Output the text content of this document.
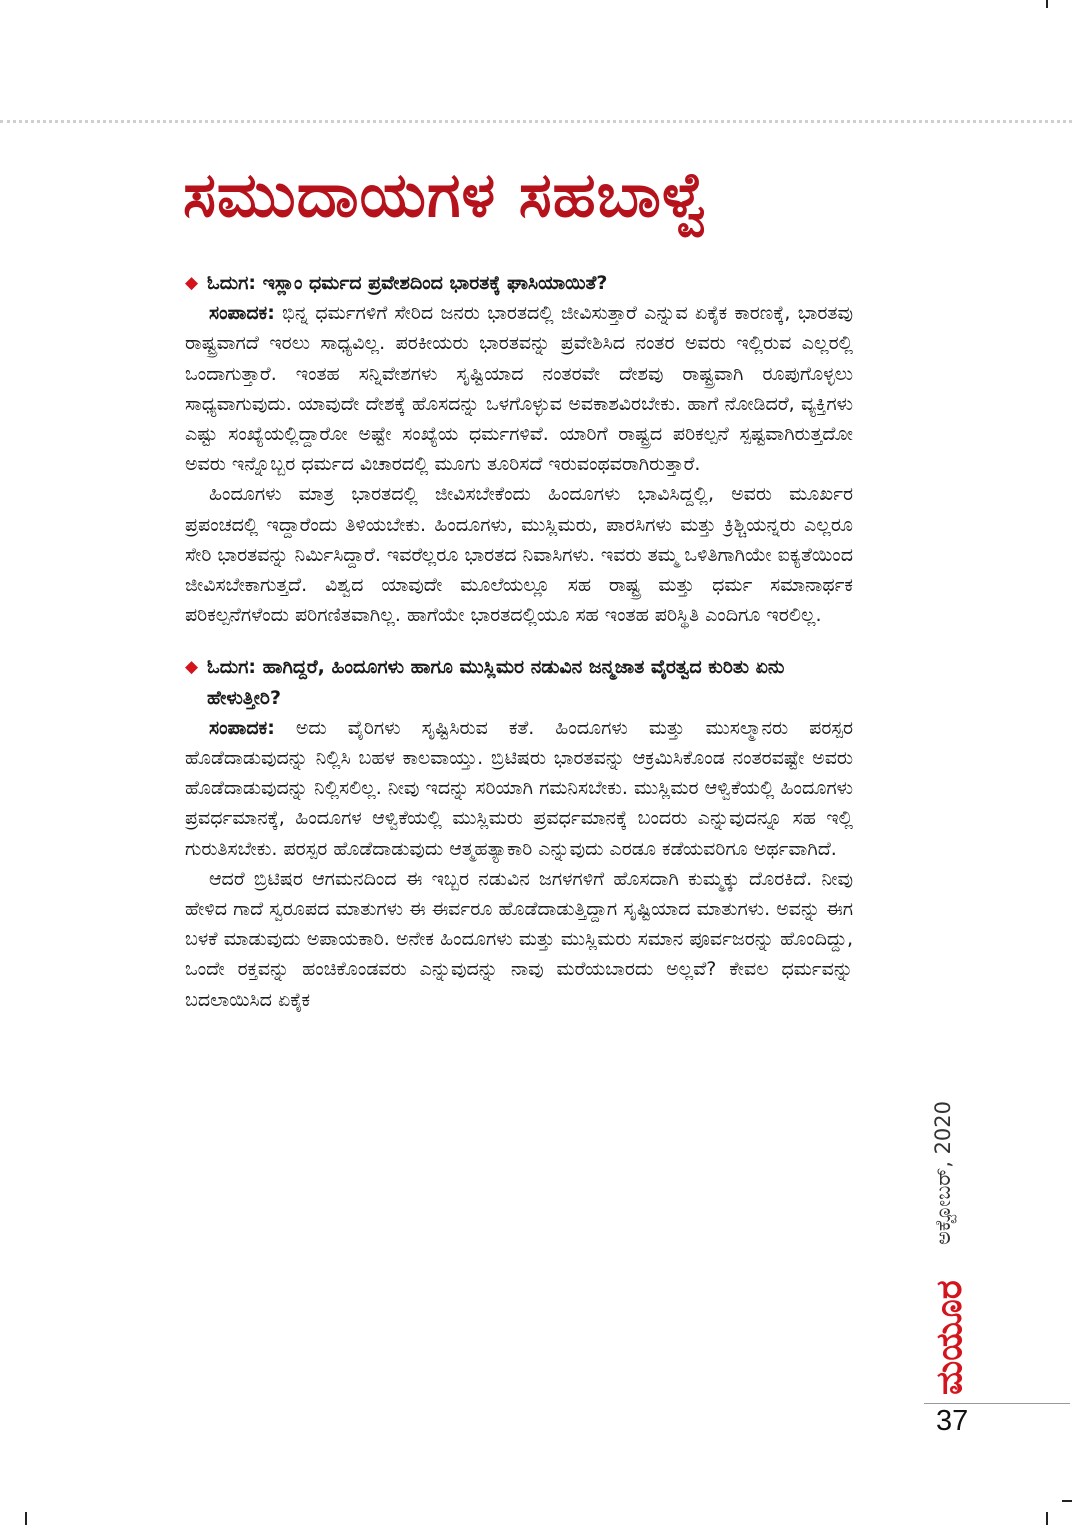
ಸಮುದಾಯಗಳ ಸಹಬಾಳ್ವೆ

◆ ಓದುಗ: ಇಸ್ಲಾಂ ಧರ್ಮದ ಪ್ರವೇಶದಿಂದ ಭಾರತಕ್ಕೆ ಘಾಸಿಯಾಯಿತೆ?

ಸಂಪಾದಕ: ಭಿನ್ನ ಧರ್ಮಗಳಿಗೆ ಸೇರಿದ ಜನರು ಭಾರತದಲ್ಲಿ ಜೀವಿಸುತ್ತಾರೆ ಎನ್ನುವ ಏಕೈಕ ಕಾರಣಕ್ಕೆ, ಭಾರತವು ರಾಷ್ಟ್ರವಾಗದೆ ಇರಲು ಸಾಧ್ಯವಿಲ್ಲ. ಪರಕೀಯರು ಭಾರತವನ್ನು ಪ್ರವೇಶಿಸಿದ ನಂತರ ಅವರು ಇಲ್ಲಿರುವ ಎಲ್ಲರಲ್ಲಿ ಒಂದಾಗುತ್ತಾರೆ. ಇಂತಹ ಸನ್ನಿವೇಶಗಳು ಸೃಷ್ಟಿಯಾದ ನಂತರವೇ ದೇಶವು ರಾಷ್ಟ್ರವಾಗಿ ರೂಪುಗೊಳ್ಳಲು ಸಾಧ್ಯವಾಗುವುದು. ಯಾವುದೇ ದೇಶಕ್ಕೆ ಹೊಸದನ್ನು ಒಳಗೊಳ್ಳುವ ಅವಕಾಶವಿರಬೇಕು. ಹಾಗೆ ನೋಡಿದರೆ, ವ್ಯಕ್ತಿಗಳು ಎಷ್ಟು ಸಂಖ್ಯೆಯಲ್ಲಿದ್ದಾರೋ ಅಷ್ಟೇ ಸಂಖ್ಯೆಯ ಧರ್ಮಗಳಿವೆ. ಯಾರಿಗೆ ರಾಷ್ಟ್ರದ ಪರಿಕಲ್ಪನೆ ಸ್ಪಷ್ಟವಾಗಿರುತ್ತದೋ ಅವರು ಇನ್ನೊಬ್ಬರ ಧರ್ಮದ ವಿಚಾರದಲ್ಲಿ ಮೂಗು ತೂರಿಸದೆ ಇರುವಂಥವರಾಗಿರುತ್ತಾರೆ.

ಹಿಂದೂಗಳು ಮಾತ್ರ ಭಾರತದಲ್ಲಿ ಜೀವಿಸಬೇಕೆಂದು ಹಿಂದೂಗಳು ಭಾವಿಸಿದ್ದಲ್ಲಿ, ಅವರು ಮೂರ್ಖರ ಪ್ರಪಂಚದಲ್ಲಿ ಇದ್ದಾರೆಂದು ತಿಳಿಯಬೇಕು. ಹಿಂದೂಗಳು, ಮುಸ್ಲಿಮರು, ಪಾರಸಿಗಳು ಮತ್ತು ಕ್ರಿಶ್ಚಿಯನ್ನರು ಎಲ್ಲರೂ ಸೇರಿ ಭಾರತವನ್ನು ನಿರ್ಮಿಸಿದ್ದಾರೆ. ಇವರೆಲ್ಲರೂ ಭಾರತದ ನಿವಾಸಿಗಳು. ಇವರು ತಮ್ಮ ಒಳಿತಿಗಾಗಿಯೇ ಐಕ್ಯತೆಯಿಂದ ಜೀವಿಸಬೇಕಾಗುತ್ತದೆ. ವಿಶ್ವದ ಯಾವುದೇ ಮೂಲೆಯಲ್ಲೂ ಸಹ ರಾಷ್ಟ್ರ ಮತ್ತು ಧರ್ಮ ಸಮಾನಾರ್ಥಕ ಪರಿಕಲ್ಪನೆಗಳೆಂದು ಪರಿಗಣಿತವಾಗಿಲ್ಲ. ಹಾಗೆಯೇ ಭಾರತದಲ್ಲಿಯೂ ಸಹ ಇಂತಹ ಪರಿಸ್ಥಿತಿ ಎಂದಿಗೂ ಇರಲಿಲ್ಲ.

◆ ಓದುಗ: ಹಾಗಿದ್ದರೆ, ಹಿಂದೂಗಳು ಹಾಗೂ ಮುಸ್ಲಿಮರ ನಡುವಿನ ಜನ್ಮಜಾತ ವೈರತ್ವದ ಕುರಿತು ಏನು ಹೇಳುತ್ತೀರಿ?

ಸಂಪಾದಕ: ಅದು ವೈರಿಗಳು ಸೃಷ್ಟಿಸಿರುವ ಕತೆ. ಹಿಂದೂಗಳು ಮತ್ತು ಮುಸಲ್ಮಾನರು ಪರಸ್ಪರ ಹೊಡೆದಾಡುವುದನ್ನು ನಿಲ್ಲಿಸಿ ಬಹಳ ಕಾಲವಾಯ್ತು. ಬ್ರಿಟಿಷರು ಭಾರತವನ್ನು ಆಕ್ರಮಿಸಿಕೊಂಡ ನಂತರವಷ್ಟೇ ಅವರು ಹೊಡೆದಾಡುವುದನ್ನು ನಿಲ್ಲಿಸಲಿಲ್ಲ. ನೀವು ಇದನ್ನು ಸರಿಯಾಗಿ ಗಮನಿಸಬೇಕು. ಮುಸ್ಲಿಮರ ಆಳ್ವಿಕೆಯಲ್ಲಿ ಹಿಂದೂಗಳು ಪ್ರವರ್ಧಮಾನಕ್ಕೆ, ಹಿಂದೂಗಳ ಆಳ್ವಿಕೆಯಲ್ಲಿ ಮುಸ್ಲಿಮರು ಪ್ರವರ್ಧಮಾನಕ್ಕೆ ಬಂದರು ಎನ್ನುವುದನ್ನೂ ಸಹ ಇಲ್ಲಿ ಗುರುತಿಸಬೇಕು. ಪರಸ್ಪರ ಹೊಡೆದಾಡುವುದು ಆತ್ಮಹತ್ಯಾಕಾರಿ ಎನ್ನುವುದು ಎರಡೂ ಕಡೆಯವರಿಗೂ ಅರ್ಥವಾಗಿದೆ.

ಆದರೆ ಬ್ರಿಟಿಷರ ಆಗಮನದಿಂದ ಈ ಇಬ್ಬರ ನಡುವಿನ ಜಗಳಗಳಿಗೆ ಹೊಸದಾಗಿ ಕುಮ್ಮಕ್ಕು ದೊರಕಿದೆ. ನೀವು ಹೇಳಿದ ಗಾದೆ ಸ್ವರೂಪದ ಮಾತುಗಳು ಈ ಈರ್ವರೂ ಹೊಡೆದಾಡುತ್ತಿದ್ದಾಗ ಸೃಷ್ಟಿಯಾದ ಮಾತುಗಳು. ಅವನ್ನು ಈಗ ಬಳಕೆ ಮಾಡುವುದು ಅಪಾಯಕಾರಿ. ಅನೇಕ ಹಿಂದೂಗಳು ಮತ್ತು ಮುಸ್ಲಿಮರು ಸಮಾನ ಪೂರ್ವಜರನ್ನು ಹೊಂದಿದ್ದು, ಒಂದೇ ರಕ್ತವನ್ನು ಹಂಚಿಕೊಂಡವರು ಎನ್ನುವುದನ್ನು ನಾವು ಮರೆಯಬಾರದು ಅಲ್ಲವೆ? ಕೇವಲ ಧರ್ಮವನ್ನು ಬದಲಾಯಿಸಿದ ಏಕೈಕ

ಅಕ್ಟೋಬರ್, 2020
ಮಯೂರ
37
